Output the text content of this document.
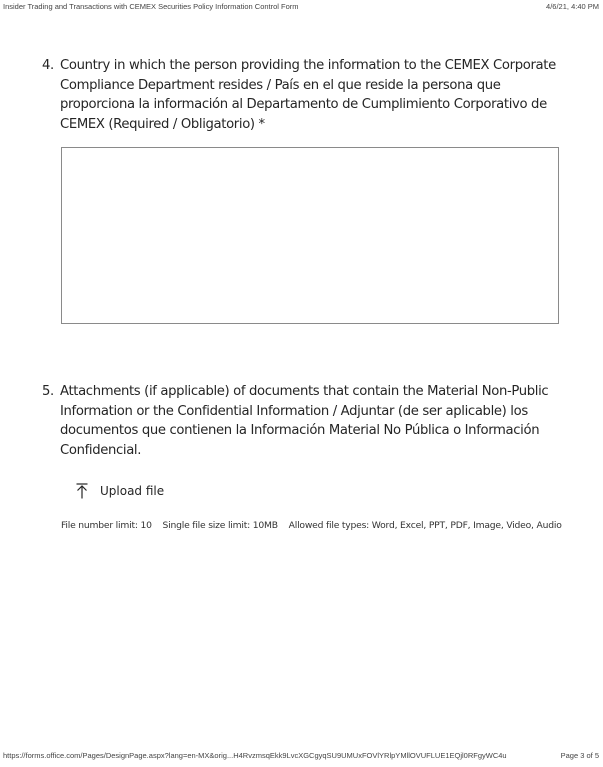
Insider Trading and Transactions with CEMEX Securities Policy Information Control Form	4/6/21, 4:40 PM
4. Country in which the person providing the information to the CEMEX Corporate Compliance Department resides / País en el que reside la persona que proporciona la información al Departamento de Cumplimiento Corporativo de CEMEX (Required / Obligatorio) *
5. Attachments (if applicable) of documents that contain the Material Non-Public Information or the Confidential Information / Adjuntar (de ser aplicable) los documentos que contienen la Información Material No Pública o Información Confidencial.
Upload file
File number limit: 10 Single file size limit: 10MB Allowed file types: Word, Excel, PPT, PDF, Image, Video, Audio
https://forms.office.com/Pages/DesignPage.aspx?lang=en-MX&orig...H4RvzmsqEkk9LvcXGCgyqSU9UMUxFOVlYRlpYMllOVUFLUE1EQjl0RFgyWC4u	Page 3 of 5
